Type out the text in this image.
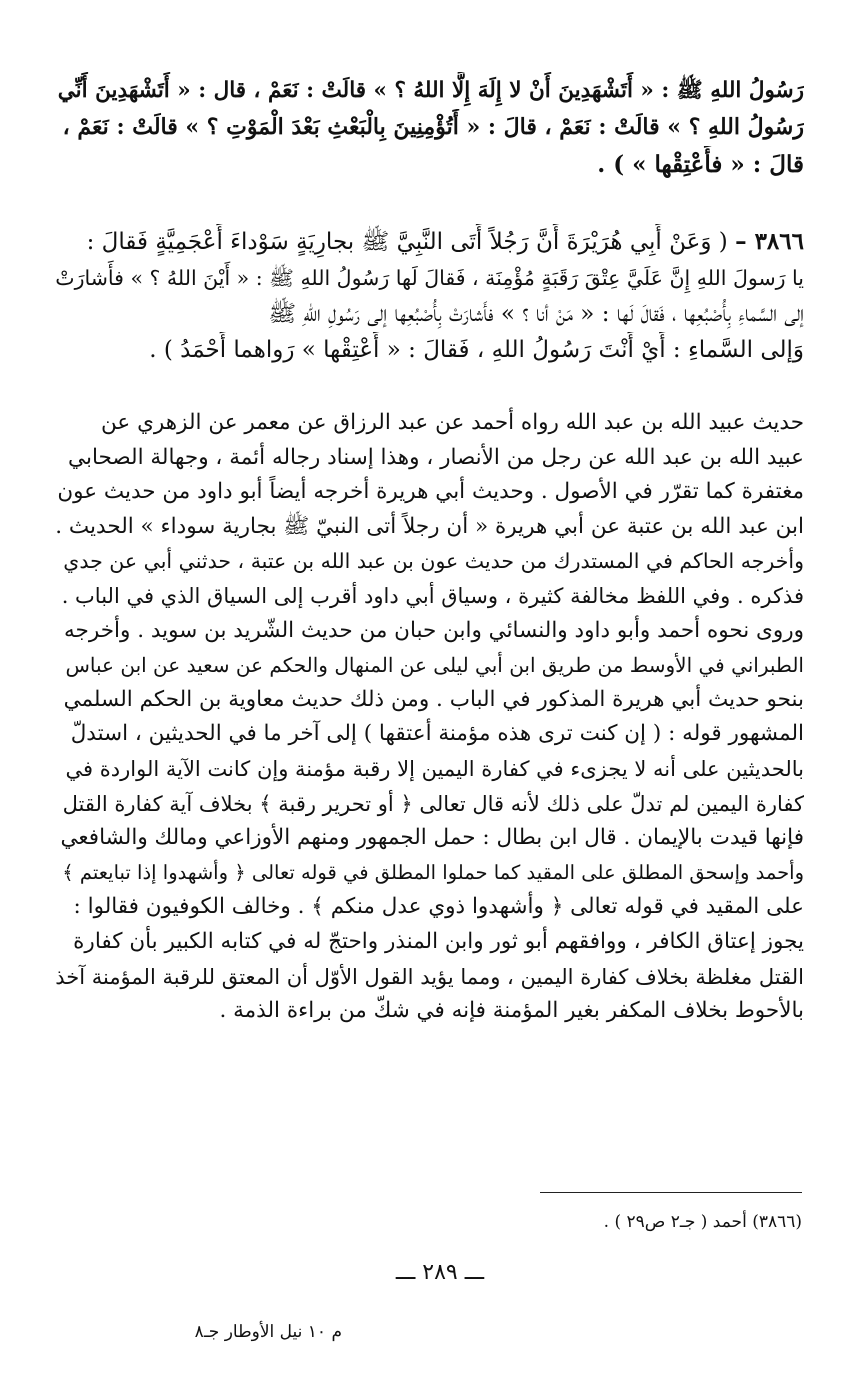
رَسُولُ اللهِ ﷺ : « أَتَشْهَدِينَ أَنْ لا إِلَهَ إِلَّا اللهُ ؟ » قالَتْ : نَعَمْ ، قال : « أَتَشْهَدِينَ أَنِّي
رَسُولُ اللهِ ؟ » قالَتْ : نَعَمْ ، قالَ : « أَتُؤْمِنِينَ بِالْبَعْثِ بَعْدَ الْمَوْتِ ؟ » قالَتْ : نَعَمْ ،
قالَ : « فأَعْتِقْها » ) .
٣٨٦٦ – ( وَعَنْ أَبِي هُرَيْرَةَ أَنَّ رَجُلاً أَتَى النَّبِيَّ ﷺ بجارِيَةٍ سَوْداءَ أَعْجَمِيَّةٍ فَقالَ :
يا رَسولَ اللهِ إِنَّ عَلَيَّ عِتْقَ رَقَبَةٍ مُؤْمِنَة ، فَقالَ لَها رَسُولُ اللهِ ﷺ : « أَيْنَ اللهُ ؟ » فأَشارَتْ
إلى السَّماءِ بِأُصْبُعِها ، فَقالَ لَها : « مَنْ أنا ؟ » فأَشارَتْ بِأُصْبُعِها إلى رَسُولِ اللهِ ﷺ
وَإلى السَّماءِ : أَيْ أَنْتَ رَسُولُ اللهِ ، فَقالَ : « أَعْتِقْها » رَواهما أَحْمَدُ ) .
حديث عبيد الله بن عبد الله رواه أحمد عن عبد الرزاق عن معمر عن الزهري عن
عبيد الله بن عبد الله عن رجل من الأنصار ، وهذا إسناد رجاله أئمة ، وجهالة الصحابي
مغتفرة كما تقرّر في الأصول . وحديث أبي هريرة أخرجه أيضاً أبو داود من حديث عون
ابن عبد الله بن عتبة عن أبي هريرة « أن رجلاً أتى النبيّ ﷺ بجارية سوداء » الحديث .
وأخرجه الحاكم في المستدرك من حديث عون بن عبد الله بن عتبة ، حدثني أبي عن جدي
فذكره . وفي اللفظ مخالفة كثيرة ، وسياق أبي داود أقرب إلى السياق الذي في الباب .
وروى نحوه أحمد وأبو داود والنسائي وابن حبان من حديث الشّريد بن سويد . وأخرجه
الطبراني في الأوسط من طريق ابن أبي ليلى عن المنهال والحكم عن سعيد عن ابن عباس
بنحو حديث أبي هريرة المذكور في الباب . ومن ذلك حديث معاوية بن الحكم السلمي
المشهور قوله : ( إن كنت ترى هذه مؤمنة أعتقها ) إلى آخر ما في الحديثين ، استدلّ
بالحديثين على أنه لا يجزىء في كفارة اليمين إلا رقبة مؤمنة وإن كانت الآية الواردة في
كفارة اليمين لم تدلّ على ذلك لأنه قال تعالى ﴿ أو تحرير رقبة ﴾ بخلاف آية كفارة القتل
فإنها قيدت بالإيمان . قال ابن بطال : حمل الجمهور ومنهم الأوزاعي ومالك والشافعي
وأحمد وإسحق المطلق على المقيد كما حملوا المطلق في قوله تعالى ﴿ وأشهدوا إذا تبايعتم ﴾
على المقيد في قوله تعالى ﴿ وأشهدوا ذوي عدل منكم ﴾ . وخالف الكوفيون فقالوا :
يجوز إعتاق الكافر ، ووافقهم أبو ثور وابن المنذر واحتجّ له في كتابه الكبير بأن كفارة
القتل مغلظة بخلاف كفارة اليمين ، ومما يؤيد القول الأوّل أن المعتق للرقبة المؤمنة آخذ
بالأحوط بخلاف المكفر بغير المؤمنة فإنه في شكّ من براءة الذمة .
(٣٨٦٦) أحمد ( جـ٢ ص٢٩ ) .
ـــ ٢٨٩ ـــ
م ١٠ نيل الأوطار جـ٨
